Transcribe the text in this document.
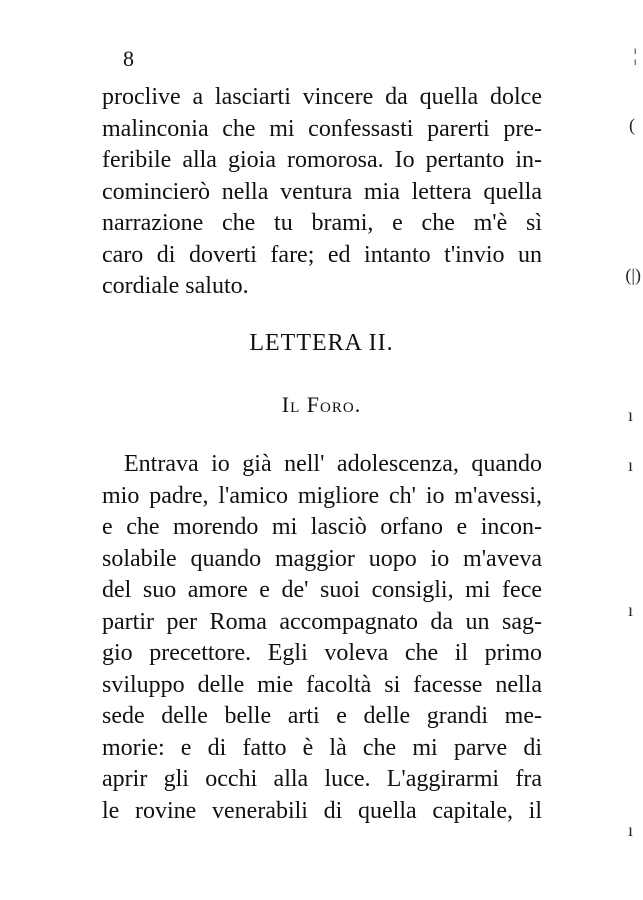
8
proclive a lasciarti vincere da quella dolce
malinconia che mi confessasti parerti pre-
feribile alla gioia romorosa. Io pertanto in-
comincierò nella ventura mia lettera quella
narrazione che tu brami, e che m'è sì
caro di doverti fare; ed intanto t'invio un
cordiale saluto.
LETTERA II.
Il Foro.
Entrava io già nell' adolescenza, quando
mio padre, l'amico migliore ch' io m'avessi,
e che morendo mi lasciò orfano e incon-
solabile quando maggior uopo io m'aveva
del suo amore e de' suoi consigli, mi fece
partir per Roma accompagnato da un sag-
gio precettore. Egli voleva che il primo
sviluppo delle mie facoltà si facesse nella
sede delle belle arti e delle grandi me-
morie: e di fatto è là che mi parve di
aprir gli occhi alla luce. L'aggirarmi fra
le rovine venerabili di quella capitale, il
¦
(
(|)
ı
ı
ı
ı
